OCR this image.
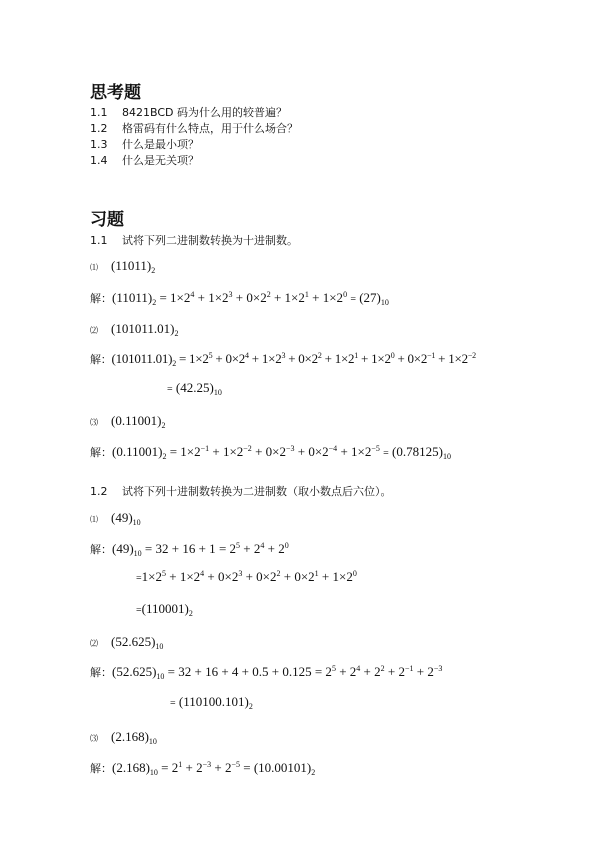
思考题
1.1 8421BCD 码为什么用的较普遍？
1.2 格雷码有什么特点，用于什么场合？
1.3 什么是最小项？
1.4 什么是无关项？
习题
1.1 试将下列二进制数转换为十进制数。
⑴ $(11011)_2$
解：$(11011)_2 = 1\times 2^4 + 1\times 2^3 + 0\times 2^2 + 1\times 2^1 + 1\times 2^0 = (27)_{10}$
⑵ $(101011.01)_2$
解：$(101011.01)_2 = 1\times 2^5 + 0\times 2^4 + 1\times 2^3 + 0\times 2^2 + 1\times 2^1 + 1\times 2^0 + 0\times 2^{-1} + 1\times 2^{-2}$
= $(42.25)_{10}$
⑶ $(0.11001)_2$
解：$(0.11001)_2 = 1\times 2^{-1} + 1\times 2^{-2} + 0\times 2^{-3} + 0\times 2^{-4} + 1\times 2^{-5} = (0.78125)_{10}$
1.2 试将下列十进制数转换为二进制数（取小数点后六位）。
⑴ $(49)_{10}$
解：$(49)_{10} = 32 + 16 + 1 = 2^5 + 2^4 + 2^0$
$=1\times 2^5 + 1\times 2^4 + 0\times 2^3 + 0\times 2^2 + 0\times 2^1 + 1\times 2^0$
$=(110001)_2$
⑵ $(52.625)_{10}$
解：$(52.625)_{10} = 32 + 16 + 4 + 0.5 + 0.125 = 2^5 + 2^4 + 2^2 + 2^{-1} + 2^{-3}$
= $(110100.101)_2$
⑶ $(2.168)_{10}$
解：$(2.168)_{10} = 2^1 + 2^{-3} + 2^{-5} = (10.00101)_2$
